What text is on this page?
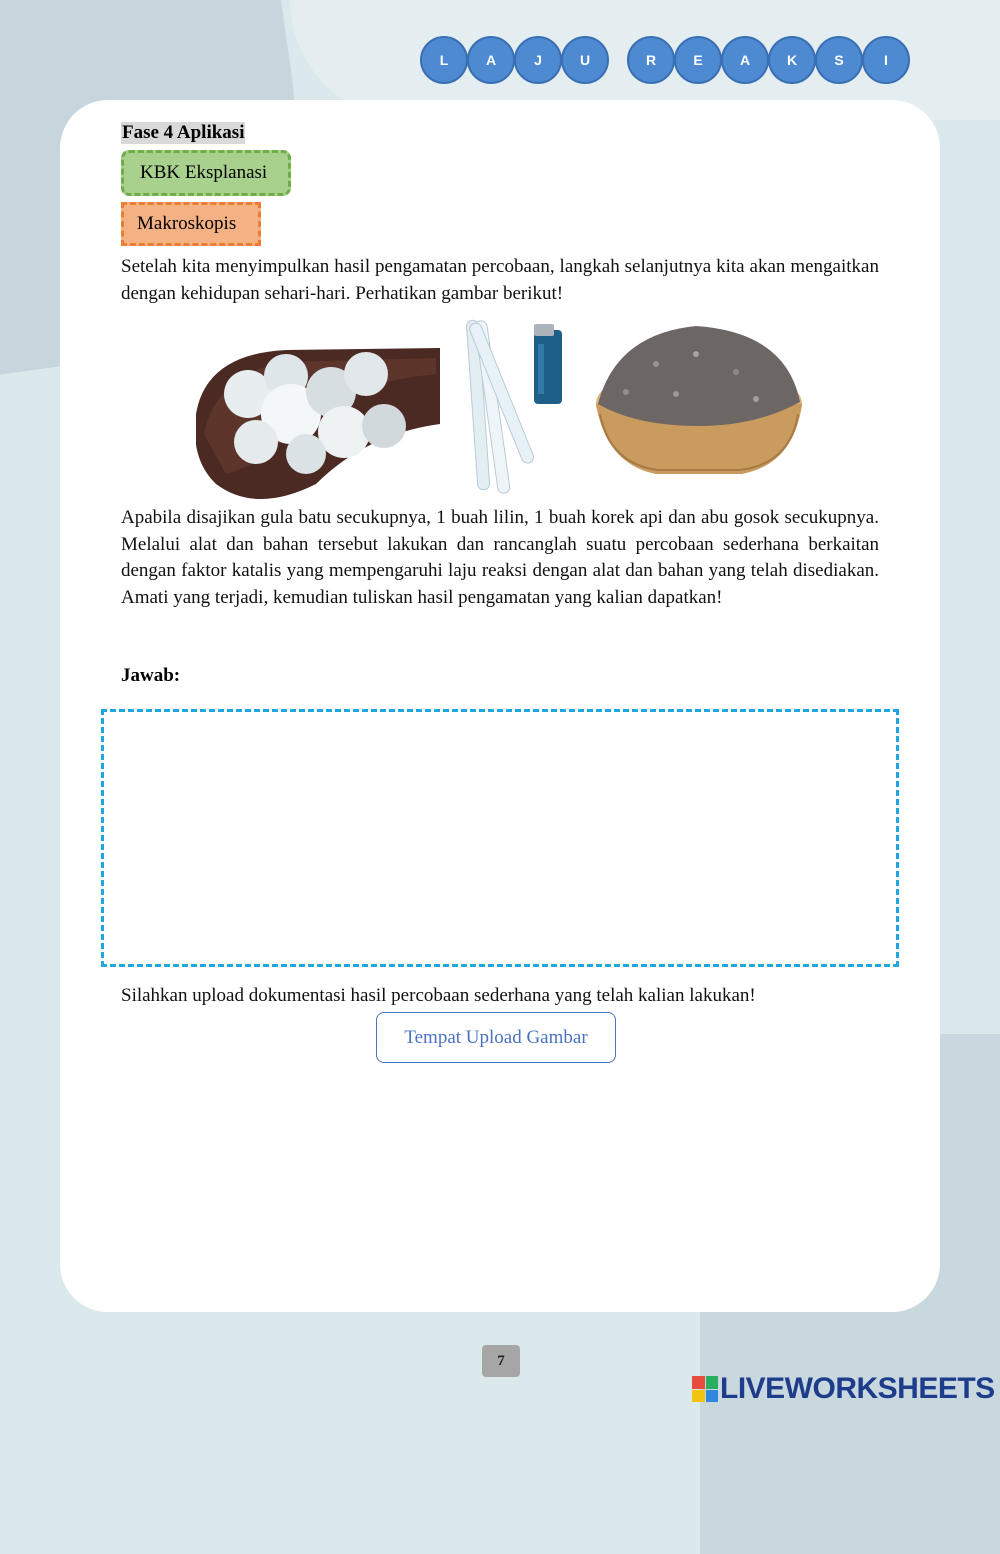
L	A	J	U	R	E	A	K	S	I
Fase 4 Aplikasi
KBK Eksplanasi
Makroskopis
Setelah kita menyimpulkan hasil pengamatan percobaan, langkah selanjutnya kita akan mengaitkan dengan kehidupan sehari-hari. Perhatikan gambar berikut!
Apabila disajikan gula batu secukupnya, 1 buah lilin, 1 buah korek api dan abu gosok secukupnya. Melalui alat dan bahan tersebut lakukan dan rancanglah suatu percobaan sederhana berkaitan dengan faktor katalis yang mempengaruhi laju reaksi dengan alat dan bahan yang telah disediakan. Amati yang terjadi, kemudian tuliskan hasil pengamatan yang kalian dapatkan!
Jawab:
Silahkan upload dokumentasi hasil percobaan sederhana yang telah kalian lakukan!
Tempat Upload Gambar
7
LIVEWORKSHEETS
